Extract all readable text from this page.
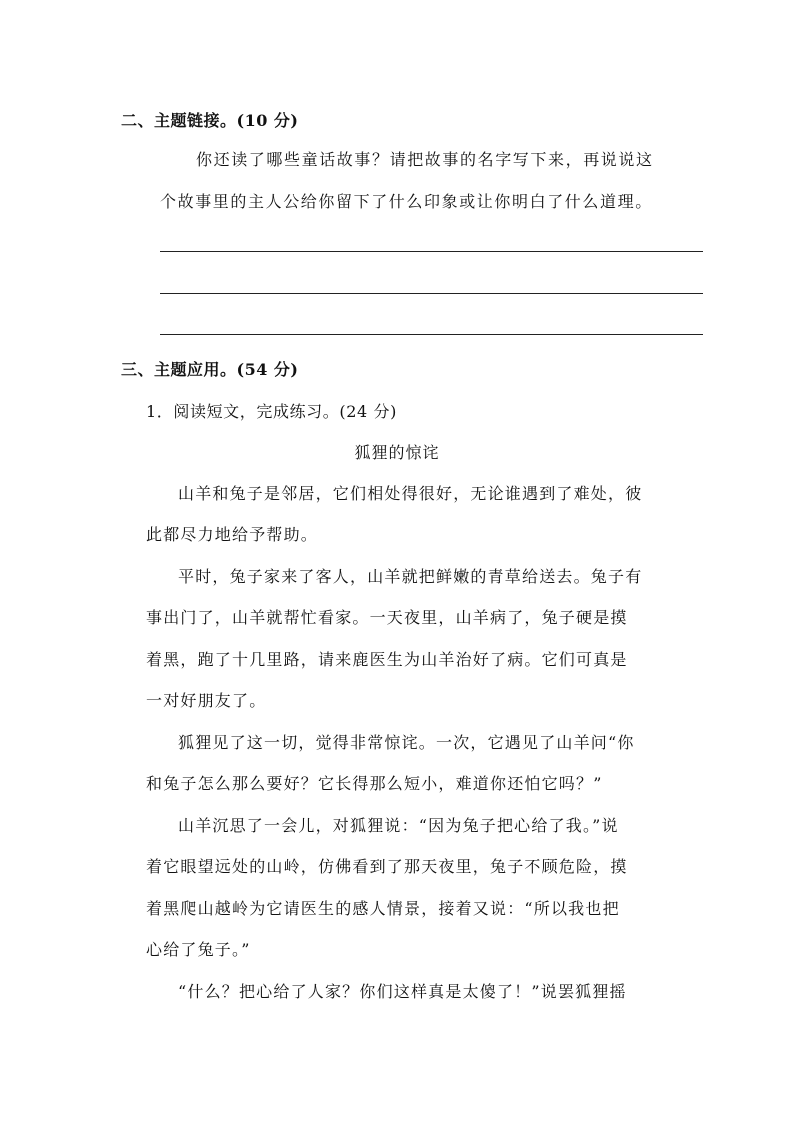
二、主题链接。(10 分)
你还读了哪些童话故事？请把故事的名字写下来，再说说这
个故事里的主人公给你留下了什么印象或让你明白了什么道理。
三、主题应用。(54 分)
1．阅读短文，完成练习。(24 分)
狐狸的惊诧
山羊和兔子是邻居，它们相处得很好，无论谁遇到了难处，彼
此都尽力地给予帮助。
平时，兔子家来了客人，山羊就把鲜嫩的青草给送去。兔子有
事出门了，山羊就帮忙看家。一天夜里，山羊病了，兔子硬是摸
着黑，跑了十几里路，请来鹿医生为山羊治好了病。它们可真是
一对好朋友了。
狐狸见了这一切，觉得非常惊诧。一次，它遇见了山羊问“你
和兔子怎么那么要好？它长得那么短小，难道你还怕它吗？”
山羊沉思了一会儿，对狐狸说：“因为兔子把心给了我。”说
着它眼望远处的山岭，仿佛看到了那天夜里，兔子不顾危险，摸
着黑爬山越岭为它请医生的感人情景，接着又说：“所以我也把
心给了兔子。”
“什么？把心给了人家？你们这样真是太傻了！”说罢狐狸摇
